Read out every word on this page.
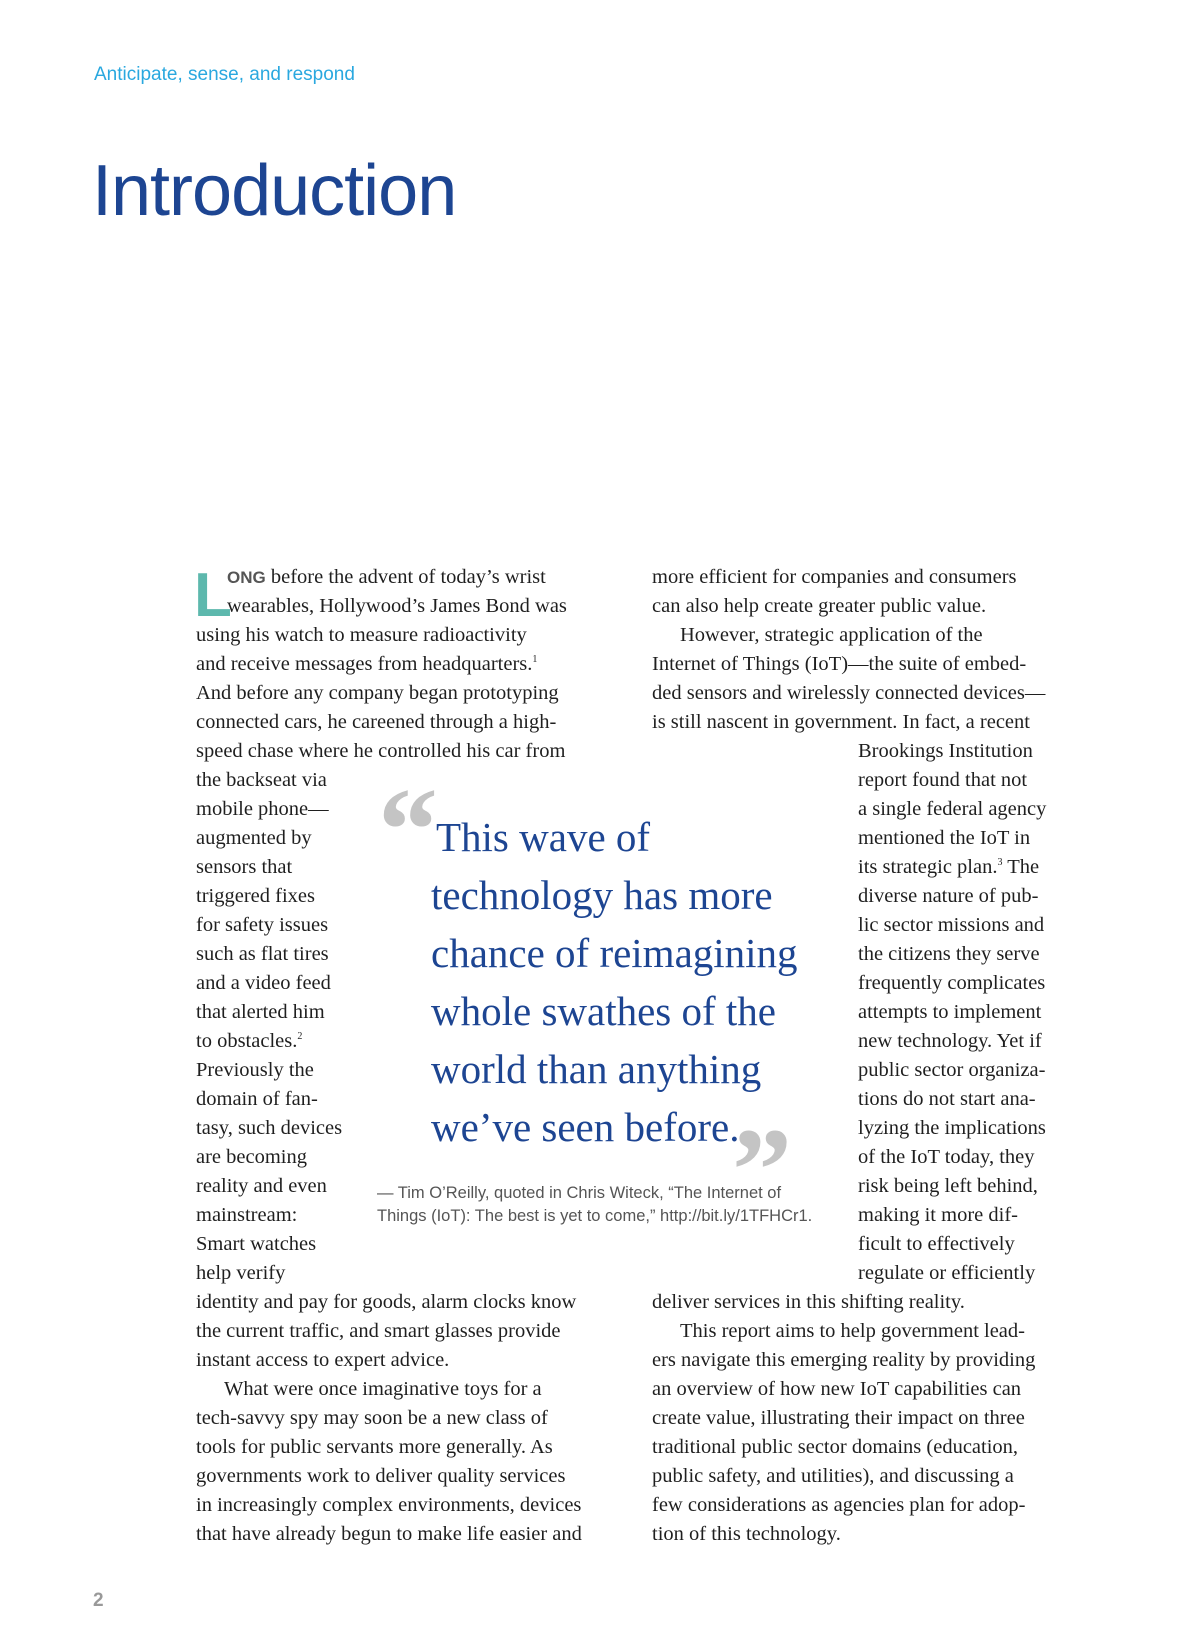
Anticipate, sense, and respond
Introduction
L
ONG before the advent of today’s wrist
wearables, Hollywood’s James Bond was
using his watch to measure radioactivity
and receive messages from headquarters.$^1$
And before any company began prototyping
connected cars, he careened through a high-
speed chase where he controlled his car from
the backseat via
mobile phone—
augmented by
sensors that
triggered fixes
for safety issues
such as flat tires
and a video feed
that alerted him
to obstacles.$^2$
Previously the
domain of fan-
tasy, such devices
are becoming
reality and even
mainstream:
Smart watches
help verify
identity and pay for goods, alarm clocks know
the current traffic, and smart glasses provide
instant access to expert advice.
What were once imaginative toys for a
tech-savvy spy may soon be a new class of
tools for public servants more generally. As
governments work to deliver quality services
in increasingly complex environments, devices
that have already begun to make life easier and
more efficient for companies and consumers
can also help create greater public value.
However, strategic application of the
Internet of Things (IoT)—the suite of embed-
ded sensors and wirelessly connected devices—
is still nascent in government. In fact, a recent
Brookings Institution
report found that not
a single federal agency
mentioned the IoT in
its strategic plan.$^3$ The
diverse nature of pub-
lic sector missions and
the citizens they serve
frequently complicates
attempts to implement
new technology. Yet if
public sector organiza-
tions do not start ana-
lyzing the implications
of the IoT today, they
risk being left behind,
making it more dif-
ficult to effectively
regulate or efficiently
deliver services in this shifting reality.
This report aims to help government lead-
ers navigate this emerging reality by providing
an overview of how new IoT capabilities can
create value, illustrating their impact on three
traditional public sector domains (education,
public safety, and utilities), and discussing a
few considerations as agencies plan for adop-
tion of this technology.
“
This wave of
technology has more
chance of reimagining
whole swathes of the
world than anything
we’ve seen before.
”
— Tim O’Reilly, quoted in Chris Witeck, “The Internet of
Things (IoT): The best is yet to come,” http://bit.ly/1TFHCr1.
2
